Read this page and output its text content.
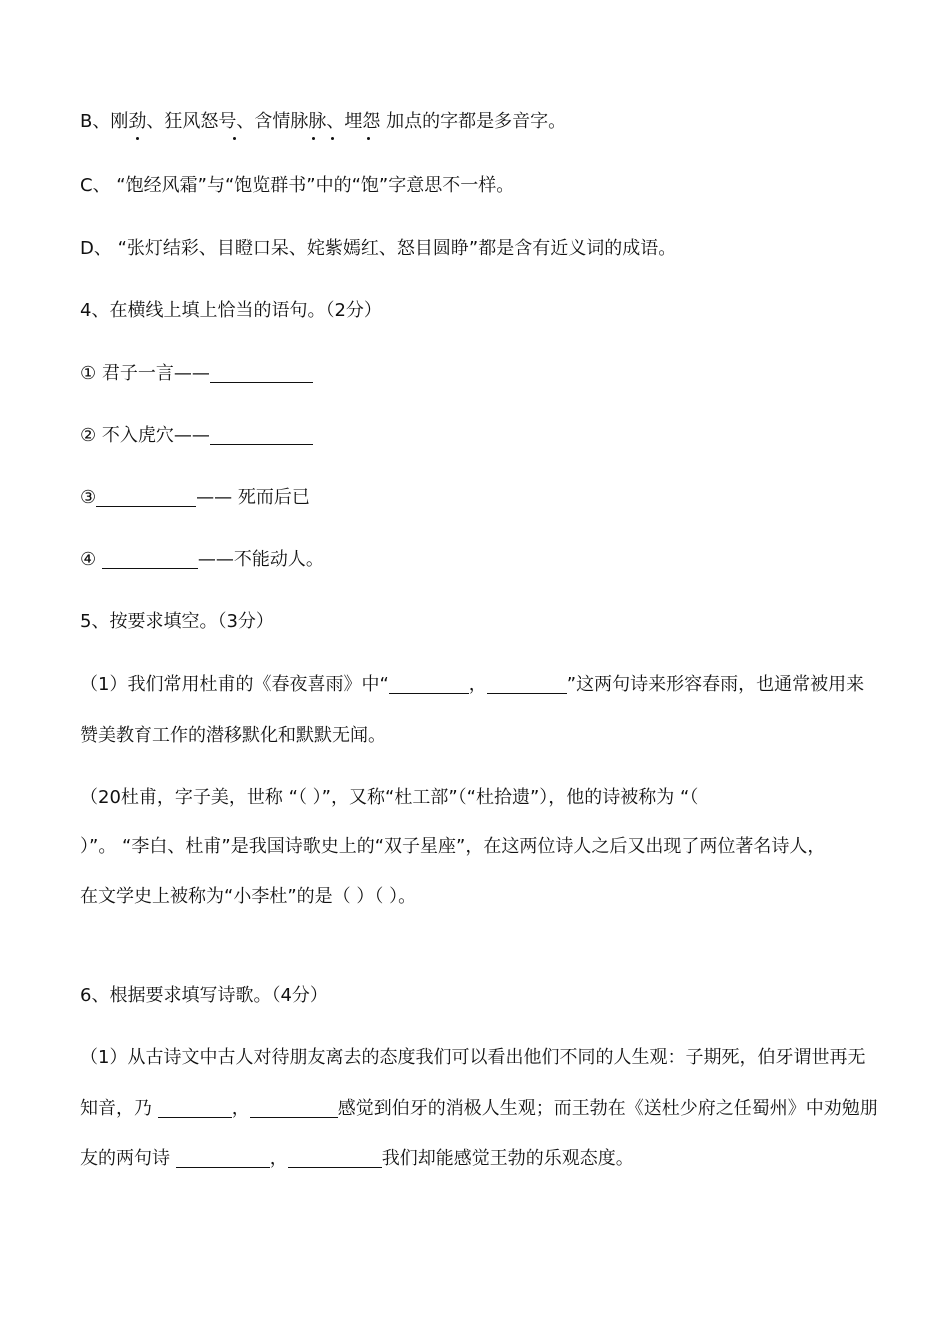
B、刚劲、狂风怒号、含情脉脉、埋怨 加点的字都是多音字。
C、 “饱经风霜”与“饱览群书”中的“饱”字意思不一样。
D、 “张灯结彩、目瞪口呆、姹紫嫣红、怒目圆睁”都是含有近义词的成语。
4、在横线上填上恰当的语句。（2分）
① 君子一言——
② 不入虎穴——
③	—— 死而后已
④	——不能动人。
5、按要求填空。（3分）
（1）我们常用杜甫的《春夜喜雨》中“	，	”这两句诗来形容春雨，也通常被用来
赞美教育工作的潜移默化和默默无闻。
（20杜甫，字子美，世称 “（ ）”，又称“杜工部”（“杜拾遗”），他的诗被称为 “（
）”。 “李白、杜甫”是我国诗歌史上的“双子星座”，在这两位诗人之后又出现了两位著名诗人，
在文学史上被称为“小李杜”的是（ ）（ ）。
6、根据要求填写诗歌。（4分）
（1）从古诗文中古人对待朋友离去的态度我们可以看出他们不同的人生观：子期死，伯牙谓世再无
知音，乃	，	感觉到伯牙的消极人生观；而王勃在《送杜少府之任蜀州》中劝勉朋
友的两句诗	，	我们却能感觉王勃的乐观态度。
